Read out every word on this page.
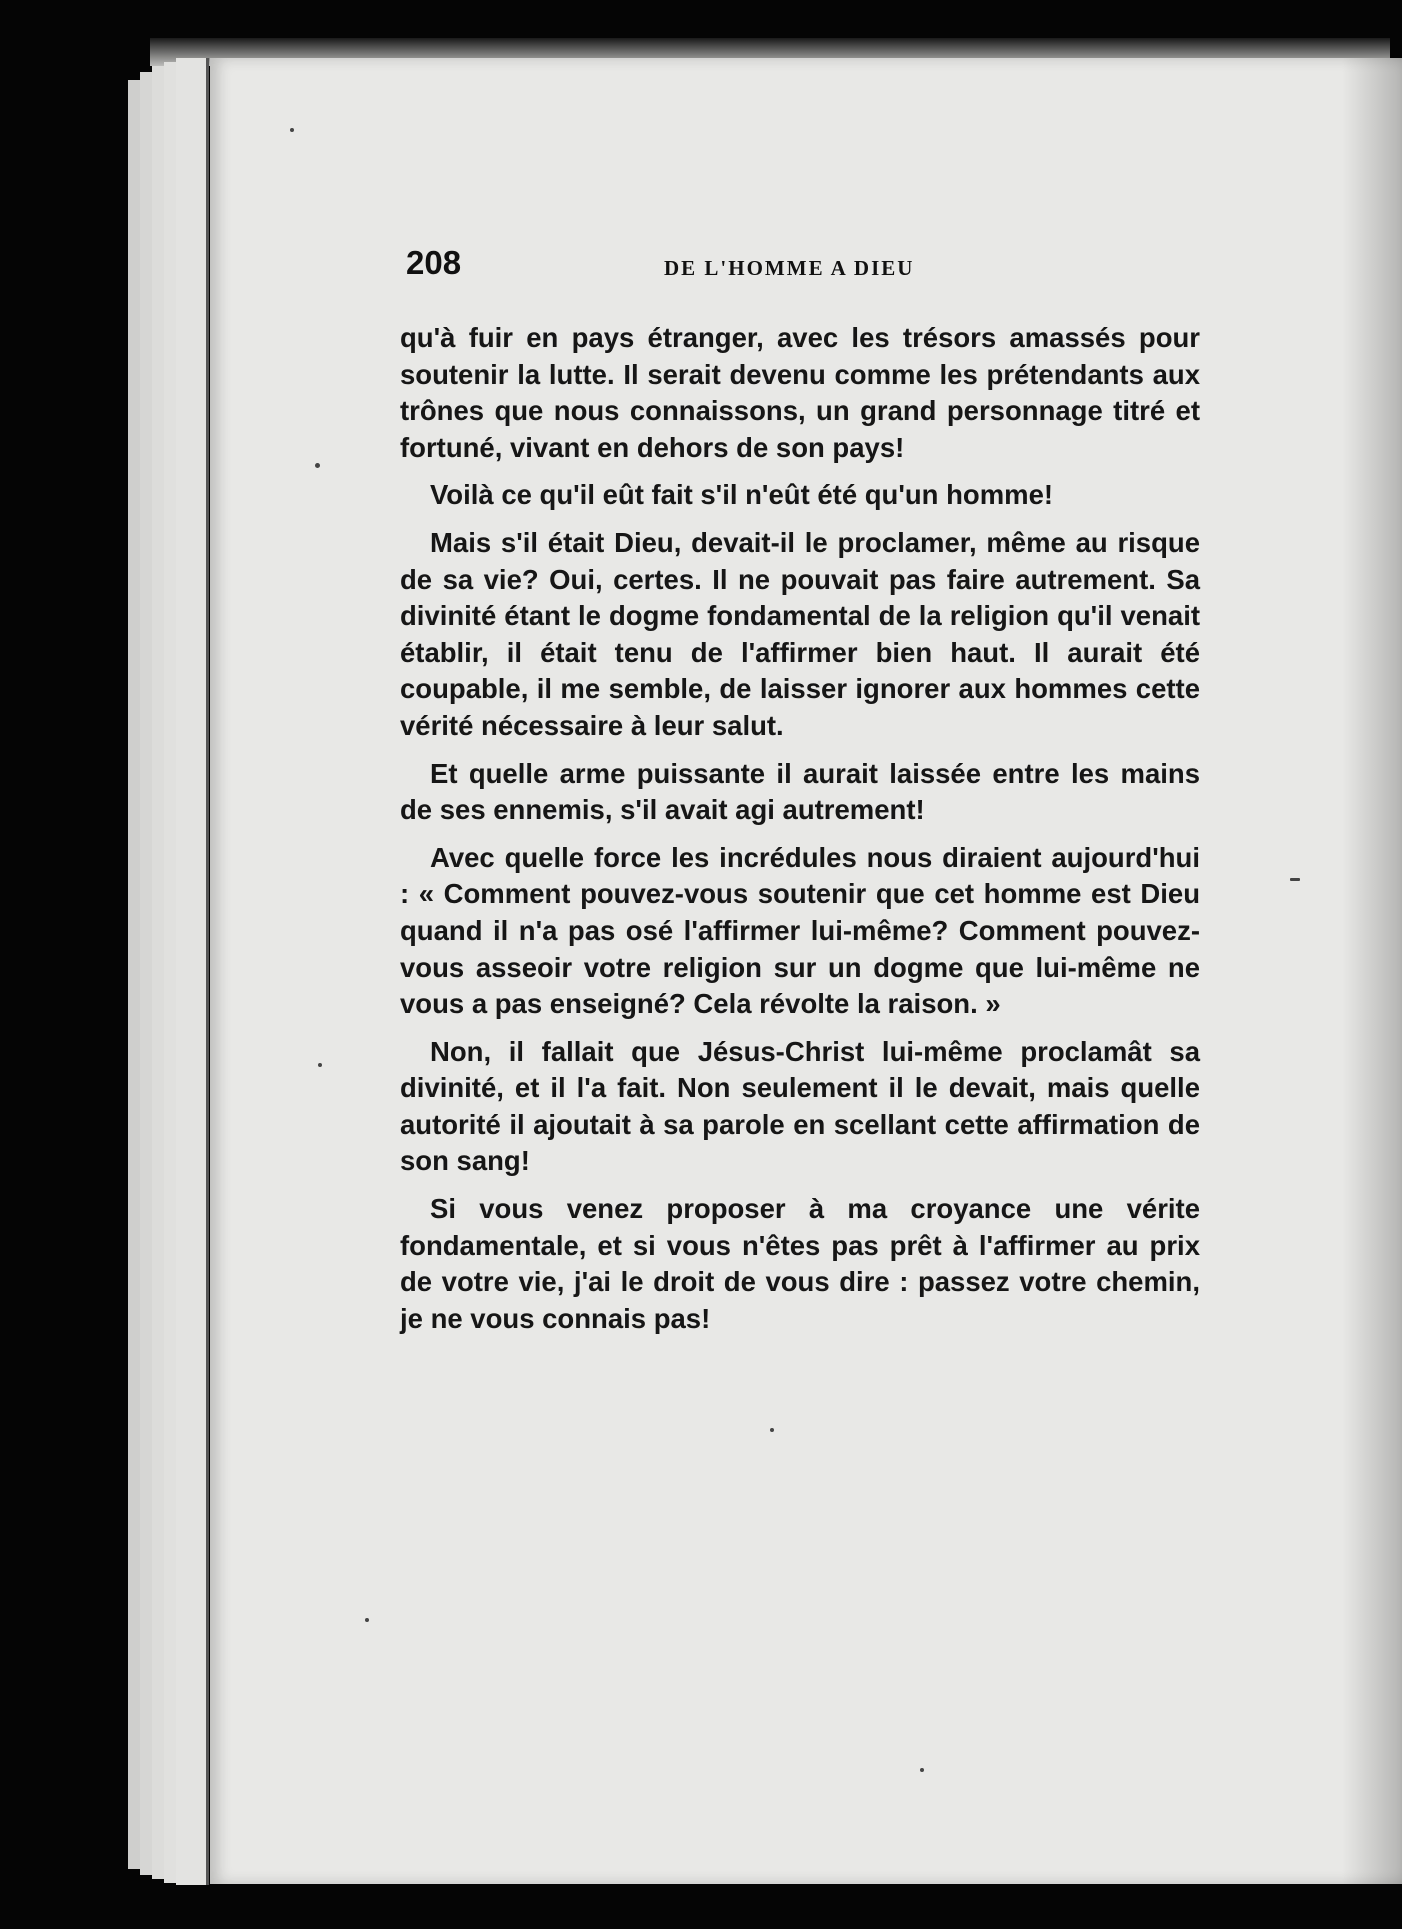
208	DE L'HOMME A DIEU

qu'à fuir en pays étranger, avec les trésors amassés pour soutenir la lutte. Il serait devenu comme les prétendants aux trônes que nous connaissons, un grand personnage titré et fortuné, vivant en dehors de son pays!

Voilà ce qu'il eût fait s'il n'eût été qu'un homme!

Mais s'il était Dieu, devait-il le proclamer, même au risque de sa vie? Oui, certes. Il ne pouvait pas faire autrement. Sa divinité étant le dogme fondamental de la religion qu'il venait établir, il était tenu de l'affirmer bien haut. Il aurait été coupable, il me semble, de laisser ignorer aux hommes cette vérité nécessaire à leur salut.

Et quelle arme puissante il aurait laissée entre les mains de ses ennemis, s'il avait agi autrement!

Avec quelle force les incrédules nous diraient aujourd'hui : « Comment pouvez-vous soutenir que cet homme est Dieu quand il n'a pas osé l'affirmer lui-même? Comment pouvez-vous asseoir votre religion sur un dogme que lui-même ne vous a pas enseigné? Cela révolte la raison. »

Non, il fallait que Jésus-Christ lui-même proclamât sa divinité, et il l'a fait. Non seulement il le devait, mais quelle autorité il ajoutait à sa parole en scellant cette affirmation de son sang!

Si vous venez proposer à ma croyance une vérite fondamentale, et si vous n'êtes pas prêt à l'affirmer au prix de votre vie, j'ai le droit de vous dire : passez votre chemin, je ne vous connais pas!
